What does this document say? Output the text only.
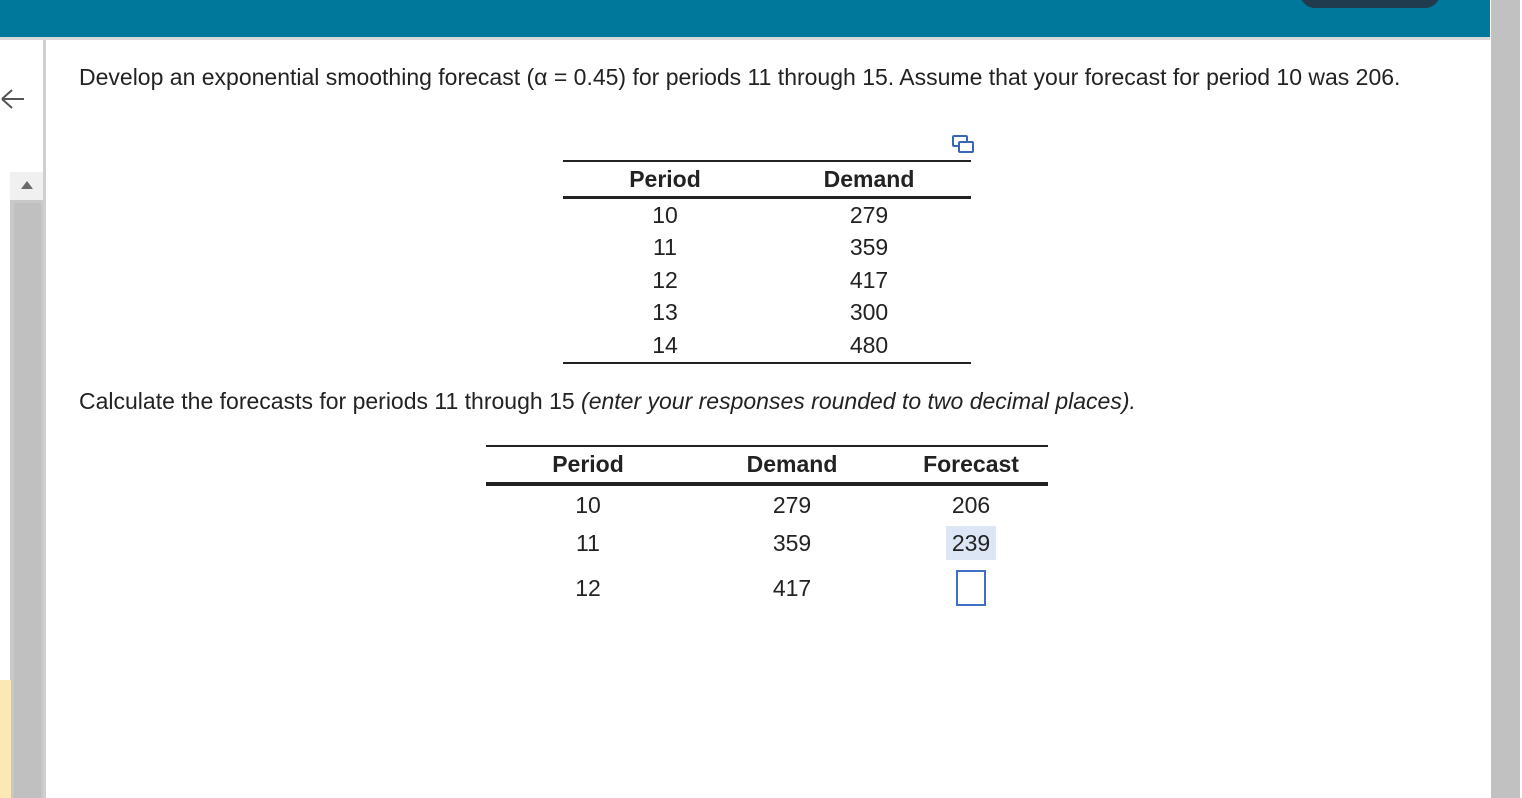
Develop an exponential smoothing forecast (α = 0.45) for periods 11 through 15. Assume that your forecast for period 10 was 206.

Period	Demand
10	279
11	359
12	417
13	300
14	480

Calculate the forecasts for periods 11 through 15 (enter your responses rounded to two decimal places).

Period	Demand	Forecast
10	279	206
11	359	239
12	417	
